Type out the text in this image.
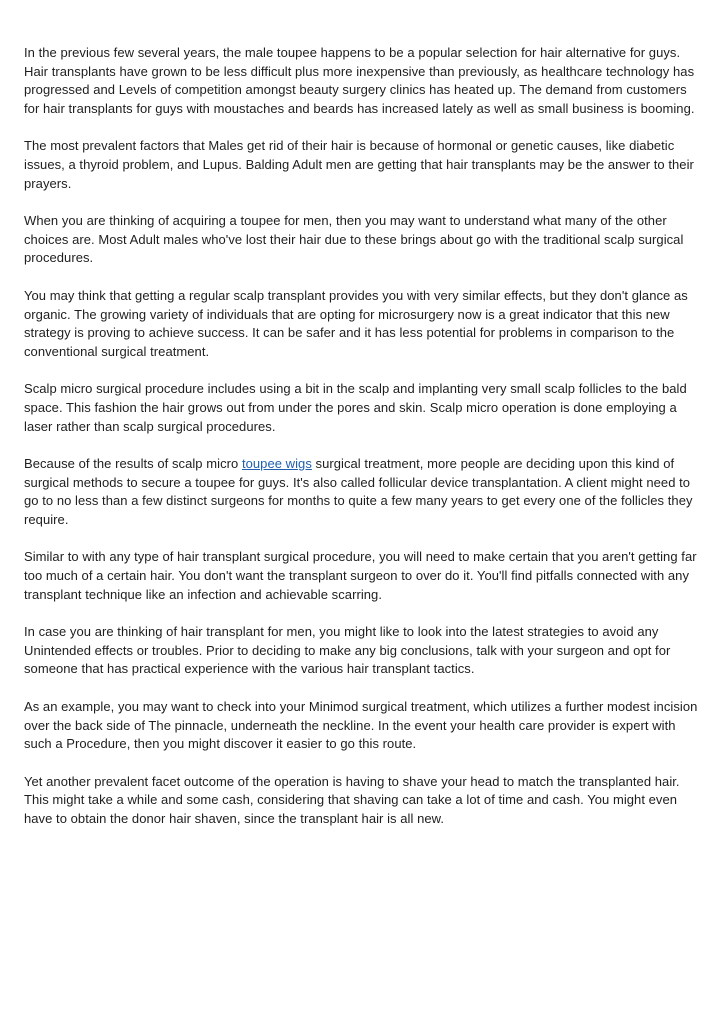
In the previous few several years, the male toupee happens to be a popular selection for hair alternative for guys. Hair transplants have grown to be less difficult plus more inexpensive than previously, as healthcare technology has progressed and Levels of competition amongst beauty surgery clinics has heated up. The demand from customers for hair transplants for guys with moustaches and beards has increased lately as well as small business is booming.

The most prevalent factors that Males get rid of their hair is because of hormonal or genetic causes, like diabetic issues, a thyroid problem, and Lupus. Balding Adult men are getting that hair transplants may be the answer to their prayers.

When you are thinking of acquiring a toupee for men, then you may want to understand what many of the other choices are. Most Adult males who've lost their hair due to these brings about go with the traditional scalp surgical procedures.

You may think that getting a regular scalp transplant provides you with very similar effects, but they don't glance as organic. The growing variety of individuals that are opting for microsurgery now is a great indicator that this new strategy is proving to achieve success. It can be safer and it has less potential for problems in comparison to the conventional surgical treatment.

Scalp micro surgical procedure includes using a bit in the scalp and implanting very small scalp follicles to the bald space. This fashion the hair grows out from under the pores and skin. Scalp micro operation is done employing a laser rather than scalp surgical procedures.

Because of the results of scalp micro toupee wigs surgical treatment, more people are deciding upon this kind of surgical methods to secure a toupee for guys. It's also called follicular device transplantation. A client might need to go to no less than a few distinct surgeons for months to quite a few many years to get every one of the follicles they require.

Similar to with any type of hair transplant surgical procedure, you will need to make certain that you aren't getting far too much of a certain hair. You don't want the transplant surgeon to over do it. You'll find pitfalls connected with any transplant technique like an infection and achievable scarring.

In case you are thinking of hair transplant for men, you might like to look into the latest strategies to avoid any Unintended effects or troubles. Prior to deciding to make any big conclusions, talk with your surgeon and opt for someone that has practical experience with the various hair transplant tactics.

As an example, you may want to check into your Minimod surgical treatment, which utilizes a further modest incision over the back side of The pinnacle, underneath the neckline. In the event your health care provider is expert with such a Procedure, then you might discover it easier to go this route.

Yet another prevalent facet outcome of the operation is having to shave your head to match the transplanted hair. This might take a while and some cash, considering that shaving can take a lot of time and cash. You might even have to obtain the donor hair shaven, since the transplant hair is all new.
